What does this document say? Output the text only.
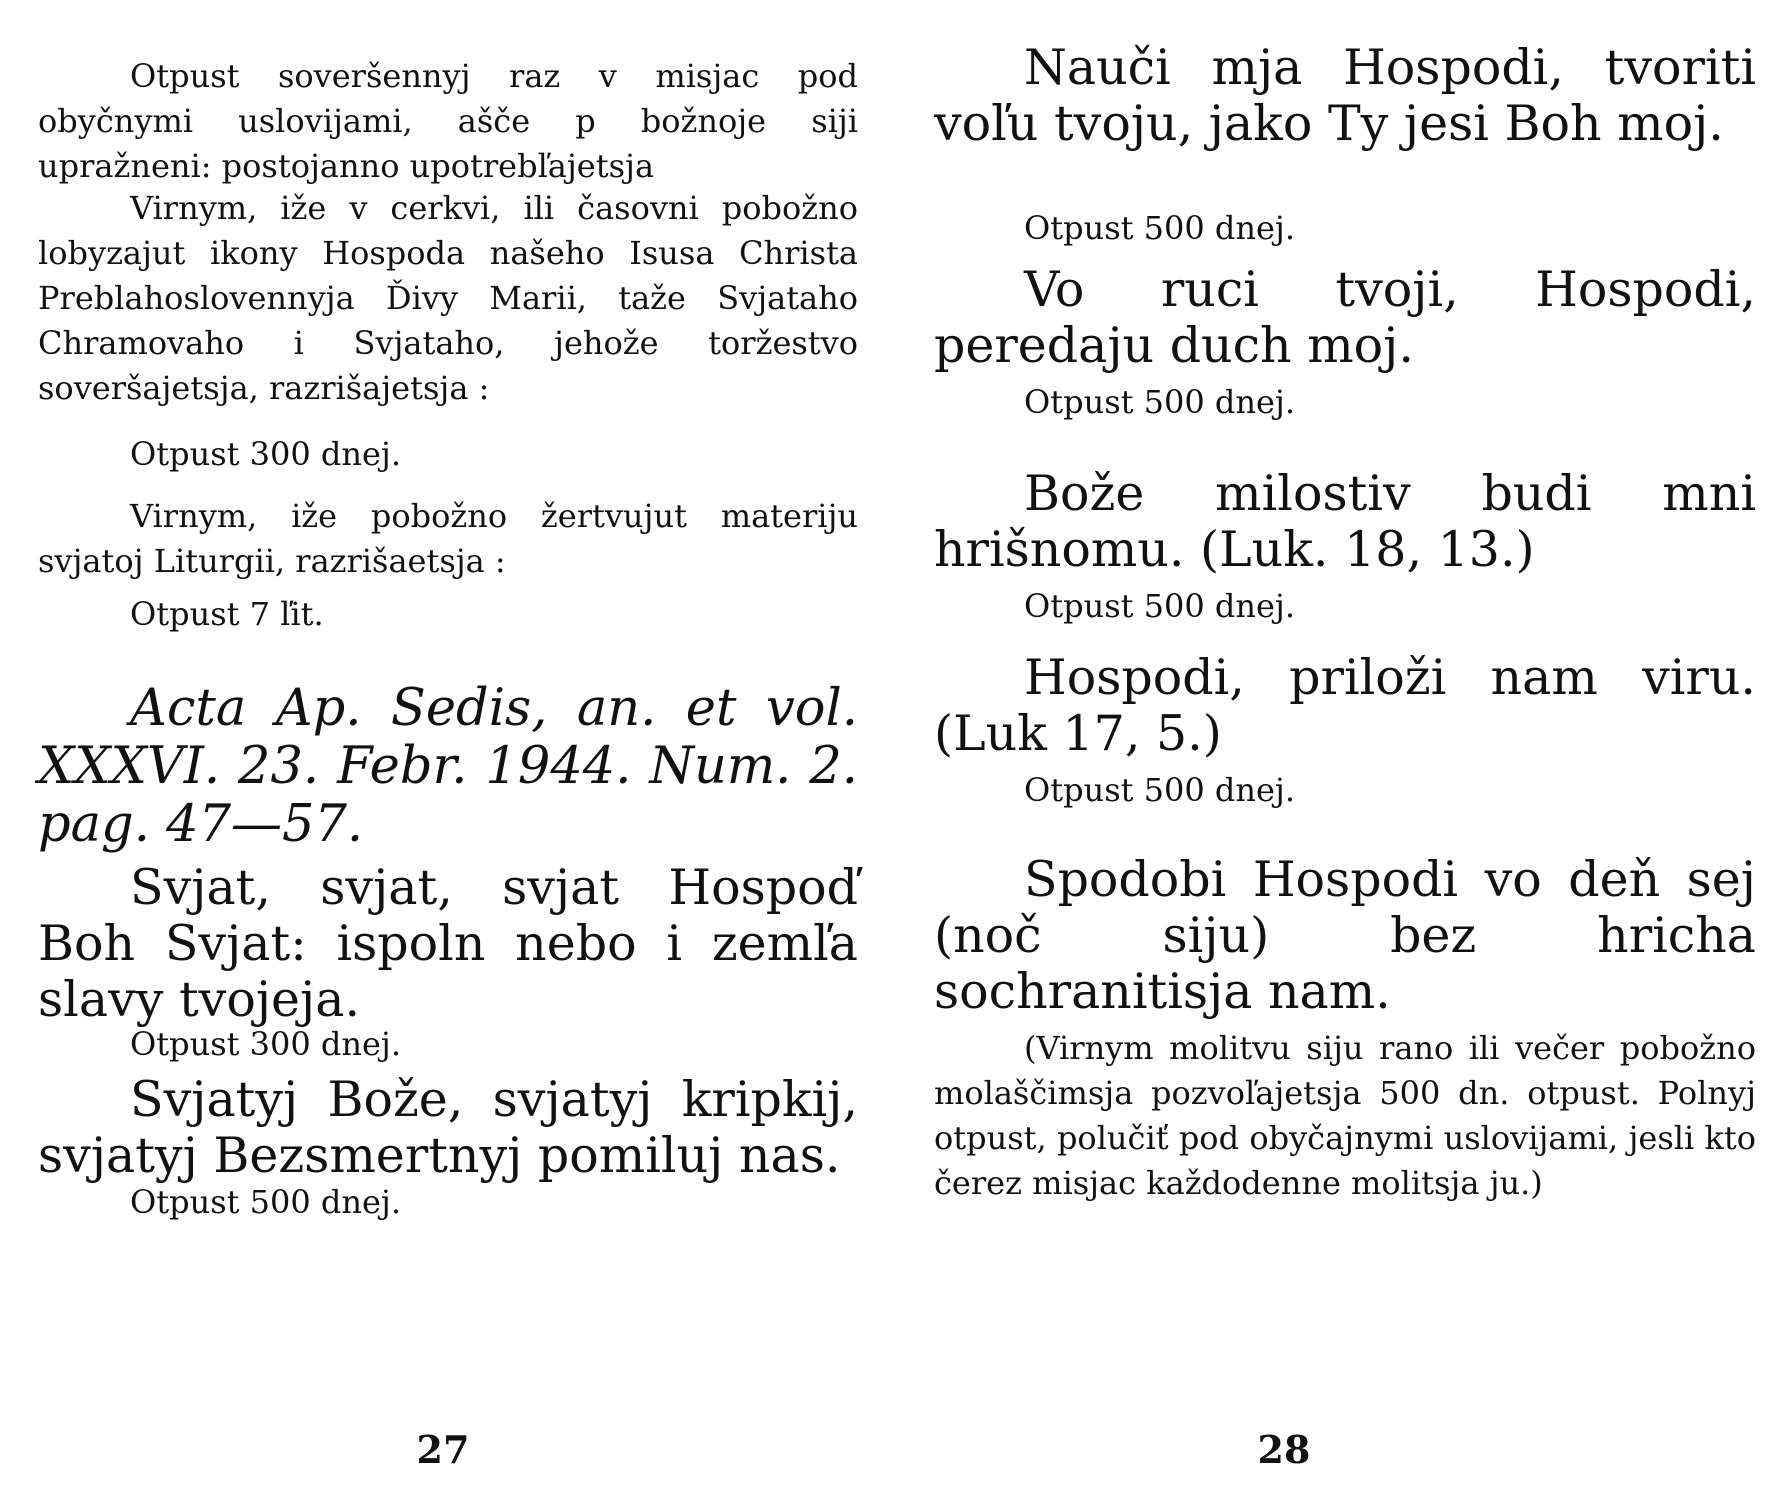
Otpust soveršennyj raz v misjac pod obyčnymi uslovijami, ašče p božnoje siji upražneni: postojanno upotrebľajetsja

Virnym, iže v cerkvi, ili časovni pobožno lobyzajut ikony Hospoda našeho Isusa Christa Preblahoslovennyja Ďivy Marii, taže Svjataho Chramovaho i Svjataho, jehože toržestvo soveršajetsja, razrišajetsja :

Otpust 300 dnej.

Virnym, iže pobožno žertvujut materiju svjatoj Liturgii, razrišaetsja :

Otpust 7 ľit.

Acta Ap. Sedis, an. et vol. XXXVI. 23. Febr. 1944. Num. 2. pag. 47—57.

Svjat, svjat, svjat Hospoď Boh Svjat: ispoln nebo i zemľa slavy tvojeja.

Otpust 300 dnej.

Svjatyj Bože, svjatyj kripkij, svjatyj Bezsmertnyj pomiluj nas.

Otpust 500 dnej.

27

Nauči mja Hospodi, tvoriti voľu tvoju, jako Ty jesi Boh moj.

Otpust 500 dnej.

Vo ruci tvoji, Hospodi, peredaju duch moj.

Otpust 500 dnej.

Bože milostiv budi mni hrišnomu. (Luk. 18, 13.)

Otpust 500 dnej.

Hospodi, priloži nam viru. (Luk 17, 5.)

Otpust 500 dnej.

Spodobi Hospodi vo deň sej (noč siju) bez hricha sochranitisja nam.

(Virnym molitvu siju rano ili večer pobožno molaščimsja pozvoľajetsja 500 dn. otpust. Polnyj otpust, polučiť pod obyčajnymi uslovijami, jesli kto čerez misjac každodenne molitsja ju.)

28
